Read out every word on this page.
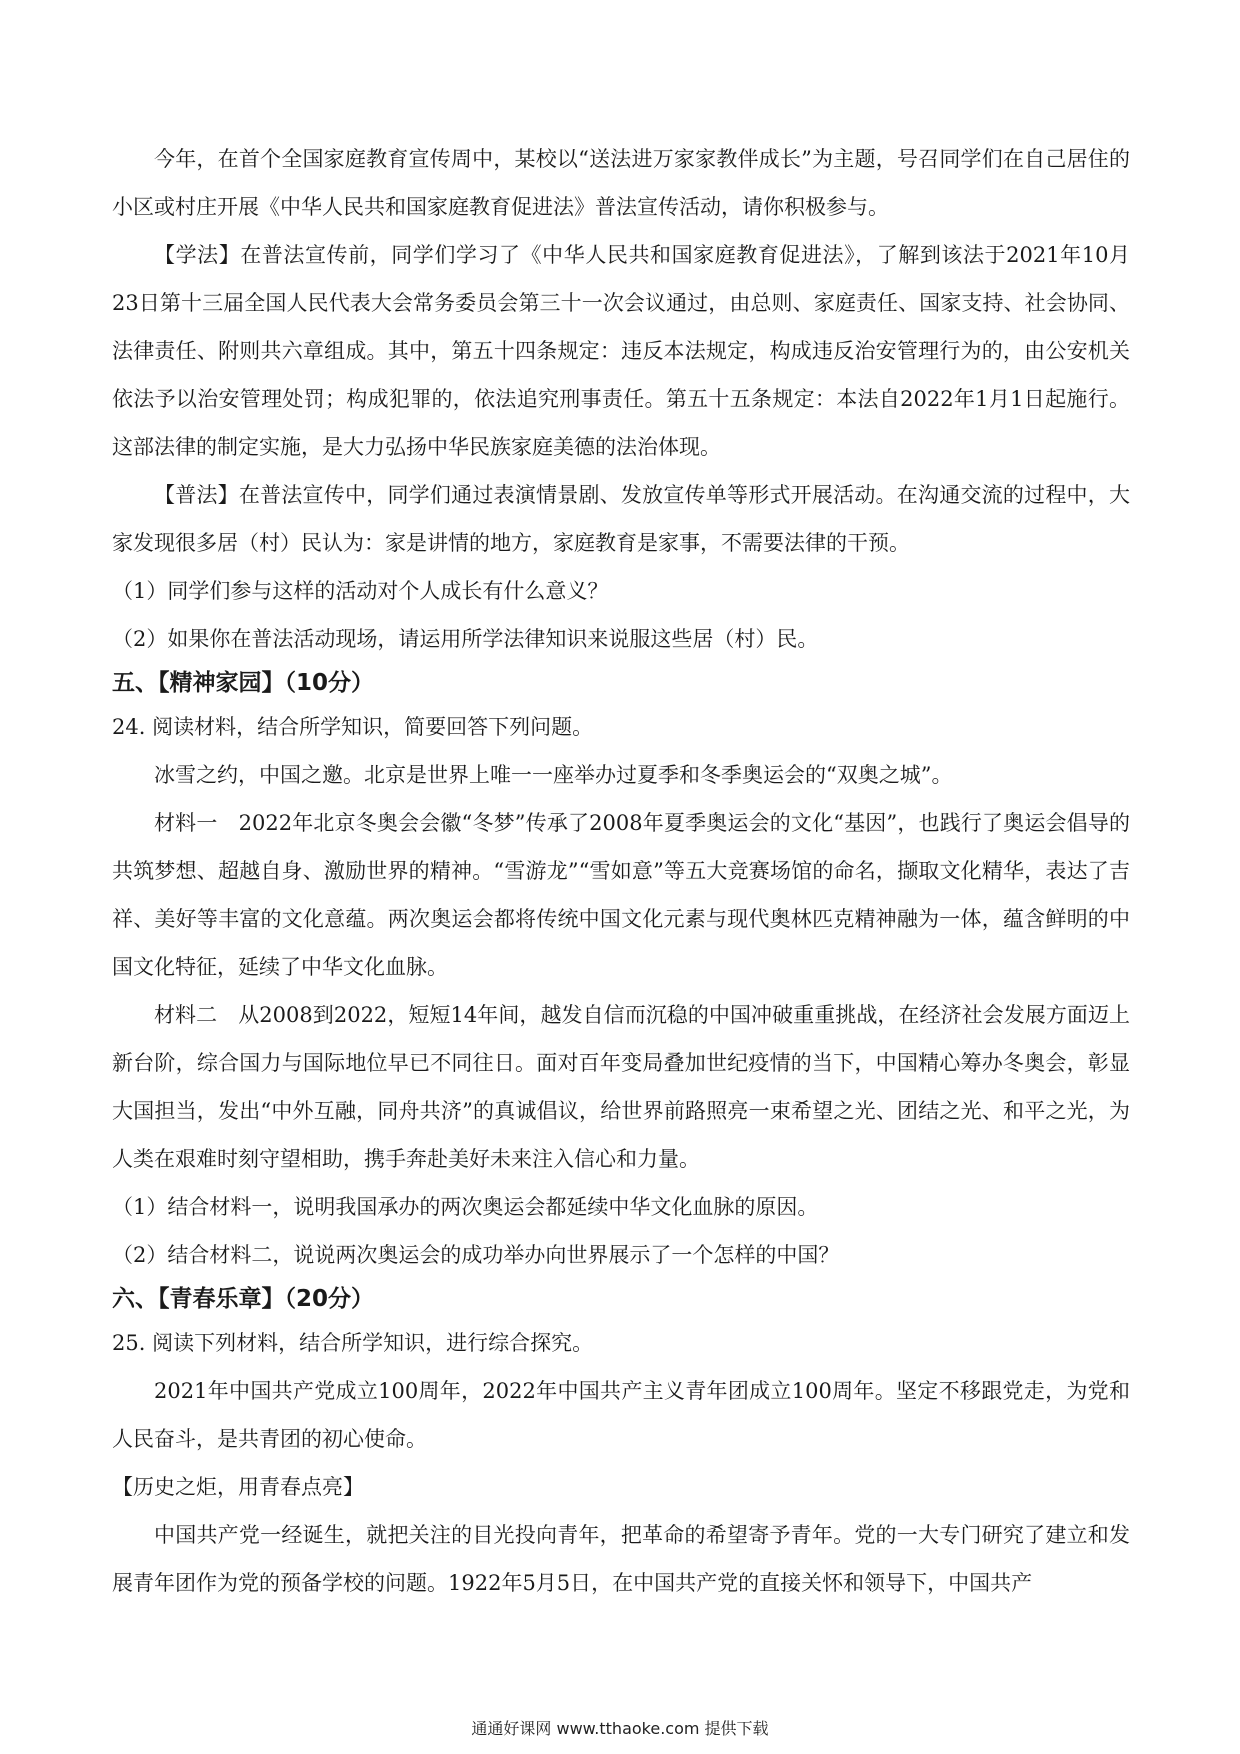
今年，在首个全国家庭教育宣传周中，某校以“送法进万家家教伴成长”为主题，号召同学们在自己居住的小区或村庄开展《中华人民共和国家庭教育促进法》普法宣传活动，请你积极参与。

【学法】在普法宣传前，同学们学习了《中华人民共和国家庭教育促进法》，了解到该法于2021年10月23日第十三届全国人民代表大会常务委员会第三十一次会议通过，由总则、家庭责任、国家支持、社会协同、法律责任、附则共六章组成。其中，第五十四条规定：违反本法规定，构成违反治安管理行为的，由公安机关依法予以治安管理处罚；构成犯罪的，依法追究刑事责任。第五十五条规定：本法自2022年1月1日起施行。这部法律的制定实施，是大力弘扬中华民族家庭美德的法治体现。

【普法】在普法宣传中，同学们通过表演情景剧、发放宣传单等形式开展活动。在沟通交流的过程中，大家发现很多居（村）民认为：家是讲情的地方，家庭教育是家事，不需要法律的干预。

（1）同学们参与这样的活动对个人成长有什么意义？

（2）如果你在普法活动现场，请运用所学法律知识来说服这些居（村）民。

五、【精神家园】（10分）

24. 阅读材料，结合所学知识，简要回答下列问题。

冰雪之约，中国之邀。北京是世界上唯一一座举办过夏季和冬季奥运会的“双奥之城”。

材料一　2022年北京冬奥会会徽“冬梦”传承了2008年夏季奥运会的文化“基因”，也践行了奥运会倡导的共筑梦想、超越自身、激励世界的精神。“雪游龙”“雪如意”等五大竞赛场馆的命名，撷取文化精华，表达了吉祥、美好等丰富的文化意蕴。两次奥运会都将传统中国文化元素与现代奥林匹克精神融为一体，蕴含鲜明的中国文化特征，延续了中华文化血脉。

材料二　从2008到2022，短短14年间，越发自信而沉稳的中国冲破重重挑战，在经济社会发展方面迈上新台阶，综合国力与国际地位早已不同往日。面对百年变局叠加世纪疫情的当下，中国精心筹办冬奥会，彰显大国担当，发出“中外互融，同舟共济”的真诚倡议，给世界前路照亮一束希望之光、团结之光、和平之光，为人类在艰难时刻守望相助，携手奔赴美好未来注入信心和力量。

（1）结合材料一，说明我国承办的两次奥运会都延续中华文化血脉的原因。

（2）结合材料二，说说两次奥运会的成功举办向世界展示了一个怎样的中国？

六、【青春乐章】（20分）

25. 阅读下列材料，结合所学知识，进行综合探究。

2021年中国共产党成立100周年，2022年中国共产主义青年团成立100周年。坚定不移跟党走，为党和人民奋斗，是共青团的初心使命。

【历史之炬，用青春点亮】

中国共产党一经诞生，就把关注的目光投向青年，把革命的希望寄予青年。党的一大专门研究了建立和发展青年团作为党的预备学校的问题。1922年5月5日，在中国共产党的直接关怀和领导下，中国共产

通通好课网 www.tthaoke.com 提供下载
